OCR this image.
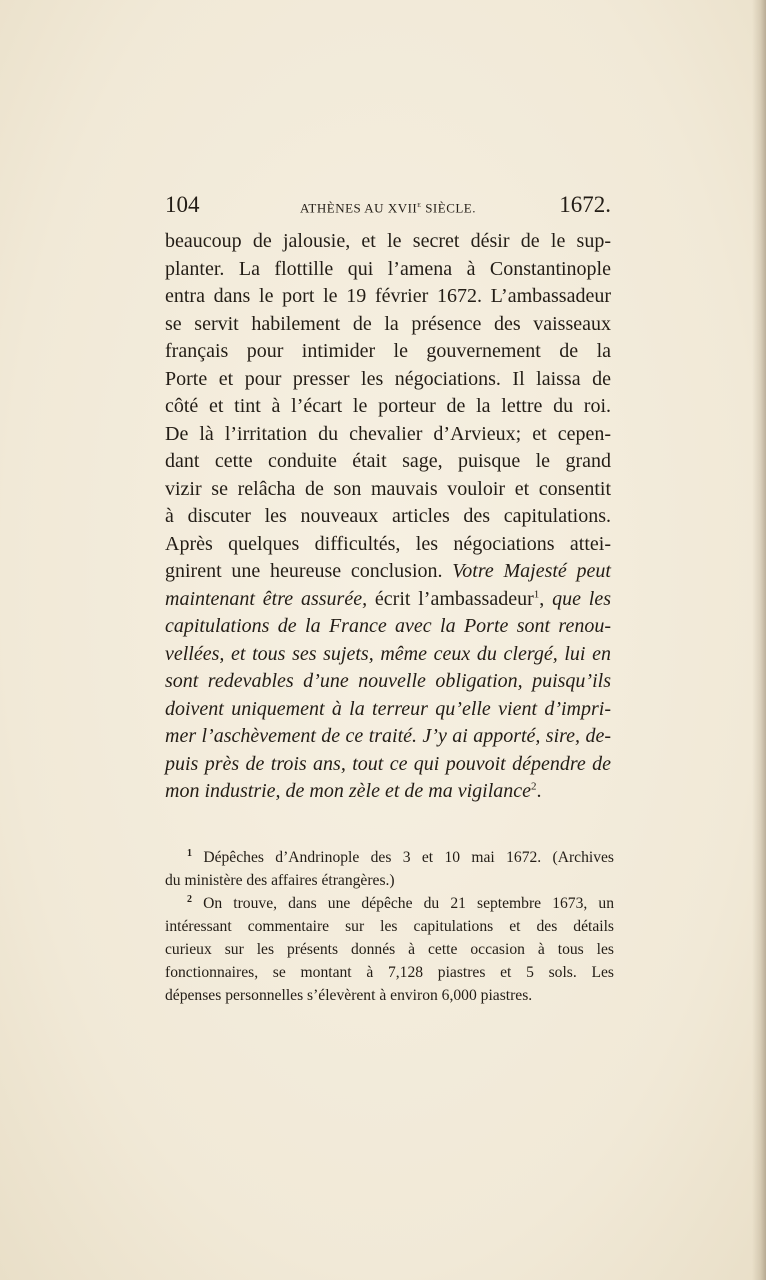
104	ATHÈNES AU XVIIe SIÈCLE.	1672.
beaucoup de jalousie, et le secret désir de le sup-
planter. La flottille qui l’amena à Constantinople
entra dans le port le 19 février 1672. L’ambassadeur
se servit habilement de la présence des vaisseaux
français pour intimider le gouvernement de la
Porte et pour presser les négociations. Il laissa de
côté et tint à l’écart le porteur de la lettre du roi.
De là l’irritation du chevalier d’Arvieux; et cepen-
dant cette conduite était sage, puisque le grand
vizir se relâcha de son mauvais vouloir et consentit
à discuter les nouveaux articles des capitulations.
Après quelques difficultés, les négociations attei-
gnirent une heureuse conclusion. Votre Majesté peut
maintenant être assurée, écrit l’ambassadeur$^1$, que les
capitulations de la France avec la Porte sont renou-
vellées, et tous ses sujets, même ceux du clergé, lui en
sont redevables d’une nouvelle obligation, puisqu’ils
doivent uniquement à la terreur qu’elle vient d’impri-
mer l’aschèvement de ce traité. J’y ai apporté, sire, de-
puis près de trois ans, tout ce qui pouvoit dépendre de
mon industrie, de mon zèle et de ma vigilance$^2$.
$^1$ Dépêches d’Andrinople des 3 et 10 mai 1672. (Archives
du ministère des affaires étrangères.)
$^2$ On trouve, dans une dépêche du 21 septembre 1673, un
intéressant commentaire sur les capitulations et des détails
curieux sur les présents donnés à cette occasion à tous les
fonctionnaires, se montant à 7,128 piastres et 5 sols. Les
dépenses personnelles s’élevèrent à environ 6,000 piastres.
